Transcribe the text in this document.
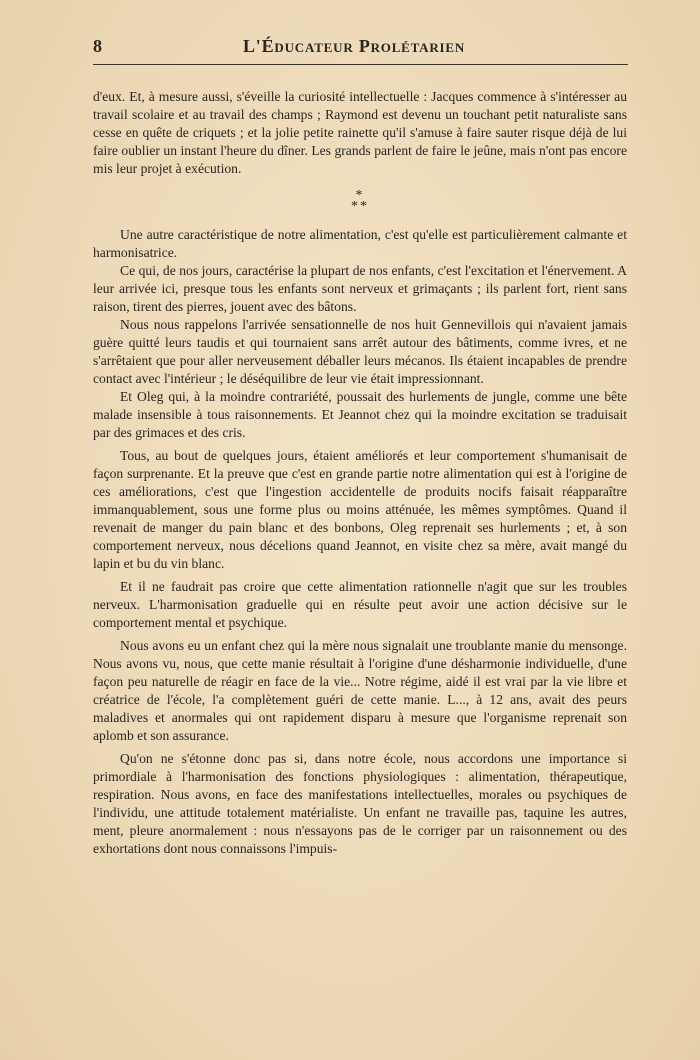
8	L'Éducateur Prolétarien

d'eux. Et, à mesure aussi, s'éveille la curiosité intellectuelle : Jacques commence à s'intéresser au travail scolaire et au travail des champs ; Raymond est devenu un touchant petit naturaliste sans cesse en quête de criquets ; et la jolie petite rainette qu'il s'amuse à faire sauter risque déjà de lui faire oublier un instant l'heure du dîner. Les grands parlent de faire le jeûne, mais n'ont pas encore mis leur projet à exécution.

*
**

Une autre caractéristique de notre alimentation, c'est qu'elle est particulièrement calmante et harmonisatrice.

Ce qui, de nos jours, caractérise la plupart de nos enfants, c'est l'excitation et l'énervement. A leur arrivée ici, presque tous les enfants sont nerveux et grimaçants ; ils parlent fort, rient sans raison, tirent des pierres, jouent avec des bâtons.

Nous nous rappelons l'arrivée sensationnelle de nos huit Gennevillois qui n'avaient jamais guère quitté leurs taudis et qui tournaient sans arrêt autour des bâtiments, comme ivres, et ne s'arrêtaient que pour aller nerveusement déballer leurs mécanos. Ils étaient incapables de prendre contact avec l'intérieur ; le déséquilibre de leur vie était impressionnant.

Et Oleg qui, à la moindre contrariété, poussait des hurlements de jungle, comme une bête malade insensible à tous raisonnements. Et Jeannot chez qui la moindre excitation se traduisait par des grimaces et des cris.

Tous, au bout de quelques jours, étaient améliorés et leur comportement s'humanisait de façon surprenante. Et la preuve que c'est en grande partie notre alimentation qui est à l'origine de ces améliorations, c'est que l'ingestion accidentelle de produits nocifs faisait réapparaître immanquablement, sous une forme plus ou moins atténuée, les mêmes symptômes. Quand il revenait de manger du pain blanc et des bonbons, Oleg reprenait ses hurlements ; et, à son comportement nerveux, nous décelions quand Jeannot, en visite chez sa mère, avait mangé du lapin et bu du vin blanc.

Et il ne faudrait pas croire que cette alimentation rationnelle n'agit que sur les troubles nerveux. L'harmonisation graduelle qui en résulte peut avoir une action décisive sur le comportement mental et psychique.

Nous avons eu un enfant chez qui la mère nous signalait une troublante manie du mensonge. Nous avons vu, nous, que cette manie résultait à l'origine d'une désharmonie individuelle, d'une façon peu naturelle de réagir en face de la vie... Notre régime, aidé il est vrai par la vie libre et créatrice de l'école, l'a complètement guéri de cette manie. L..., à 12 ans, avait des peurs maladives et anormales qui ont rapidement disparu à mesure que l'organisme reprenait son aplomb et son assurance.

Qu'on ne s'étonne donc pas si, dans notre école, nous accordons une importance si primordiale à l'harmonisation des fonctions physiologiques : alimentation, thérapeutique, respiration. Nous avons, en face des manifestations intellectuelles, morales ou psychiques de l'individu, une attitude totalement matérialiste. Un enfant ne travaille pas, taquine les autres, ment, pleure anormalement : nous n'essayons pas de le corriger par un raisonnement ou des exhortations dont nous connaissons l'impuis-
